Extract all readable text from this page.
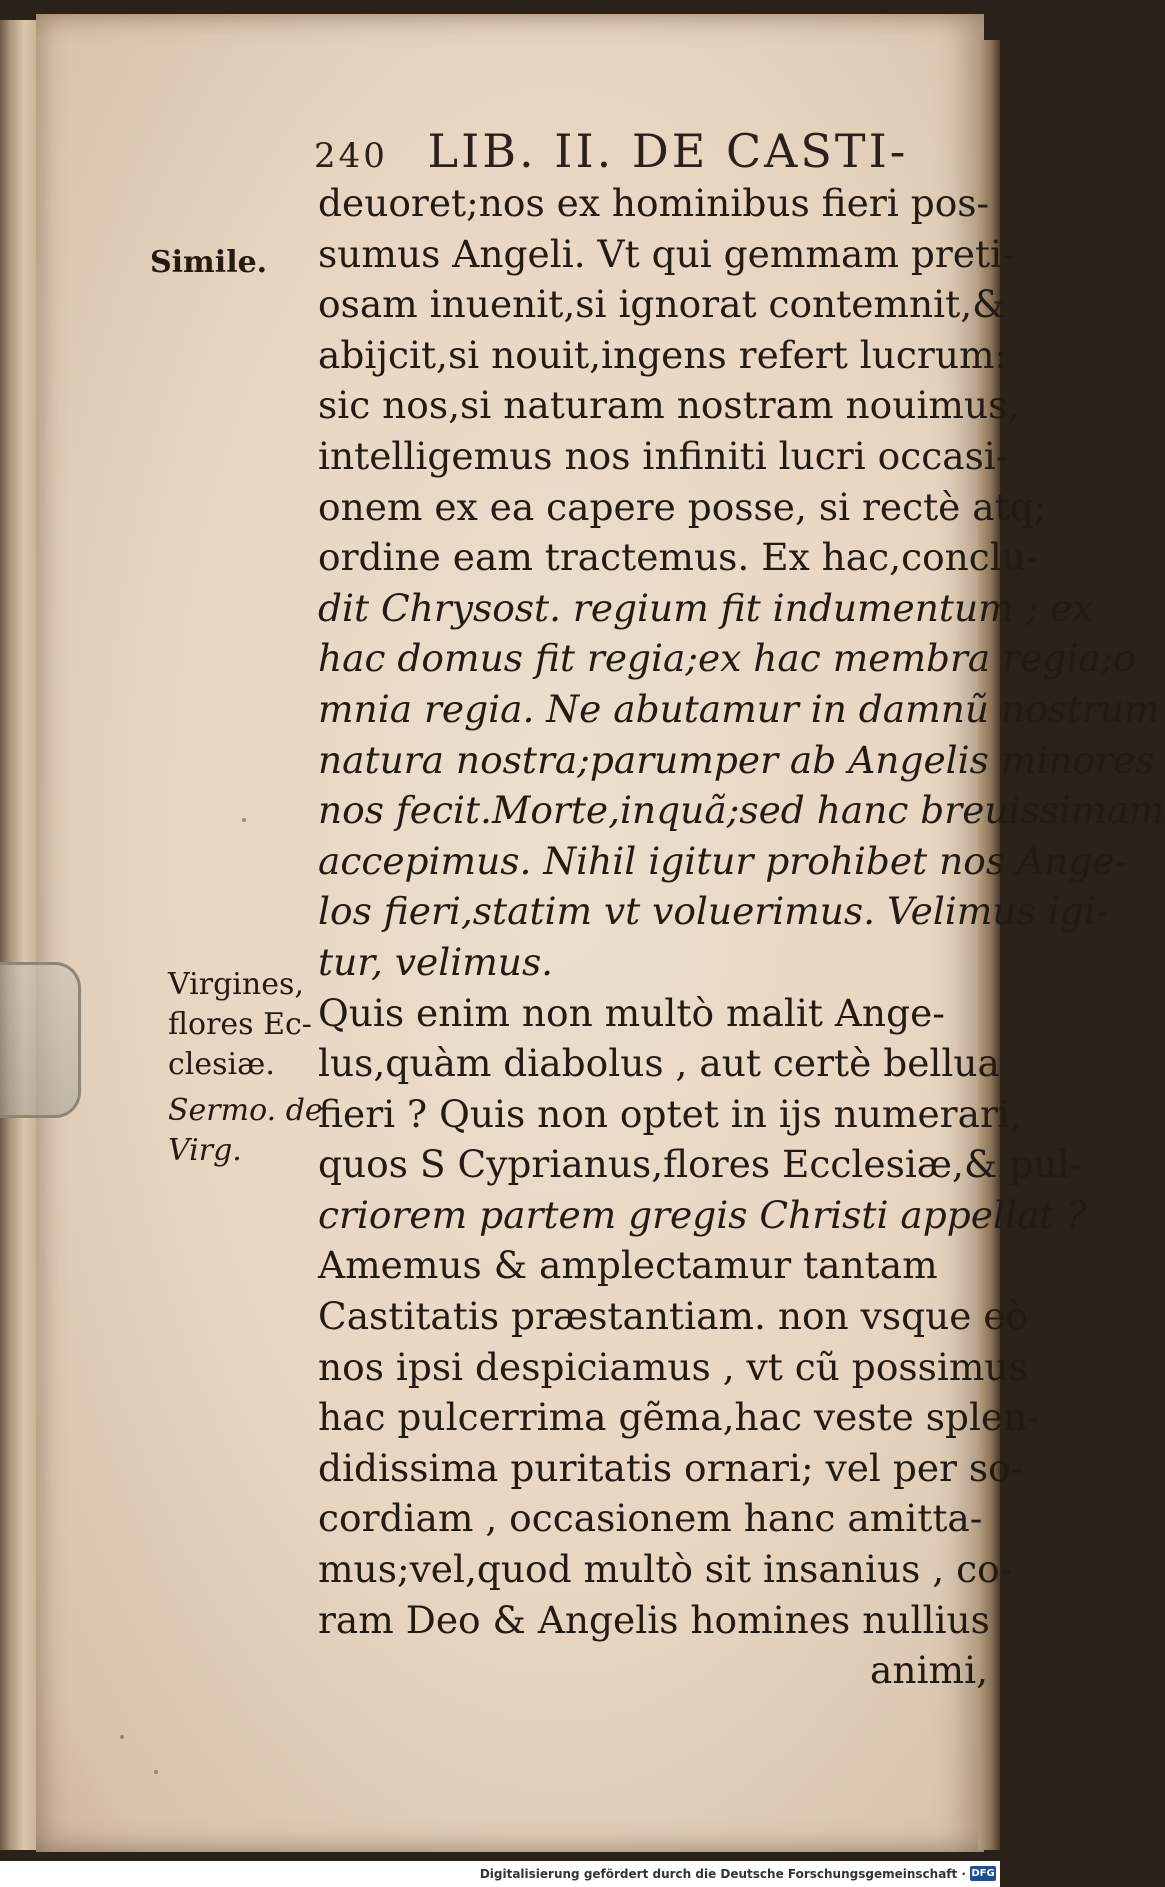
240 LIB. II. DE CASTI-
Simile.
Virgines,
flores Ec-
clesiæ.
Sermo. de
Virg.
deuoret;nos ex hominibus fieri pos-
sumus Angeli. Vt qui gemmam preti-
osam inuenit,si ignorat contemnit,&
abijcit,si nouit,ingens refert lucrum:
sic nos,si naturam nostram nouimus,
intelligemus nos infiniti lucri occasi-
onem ex ea capere posse, si rectè atq;
ordine eam tractemus. Ex hac,conclu-
dit Chrysost. regium fit indumentum ; ex
hac domus fit regia;ex hac membra regia;o
mnia regia. Ne abutamur in damnũ nostrum
natura nostra;parumper ab Angelis minores
nos fecit.Morte,inquã;sed hanc breuissimam
accepimus. Nihil igitur prohibet nos Ange-
los fieri,statim vt voluerimus. Velimus igi-
tur, velimus.
Quis enim non multò malit Ange-
lus,quàm diabolus , aut certè bellua
fieri ? Quis non optet in ijs numerari,
quos S Cyprianus,flores Ecclesiæ,& pul-
criorem partem gregis Christi appellat ?
Amemus & amplectamur tantam
Castitatis præstantiam. non vsque eò
nos ipsi despiciamus , vt cũ possimus
hac pulcerrima gẽma,hac veste splen-
didissima puritatis ornari; vel per so-
cordiam , occasionem hanc amitta-
mus;vel,quod multò sit insanius , co-
ram Deo & Angelis homines nullius
animi,
Digitalisierung gefördert durch die Deutsche Forschungsgemeinschaft · DFG
